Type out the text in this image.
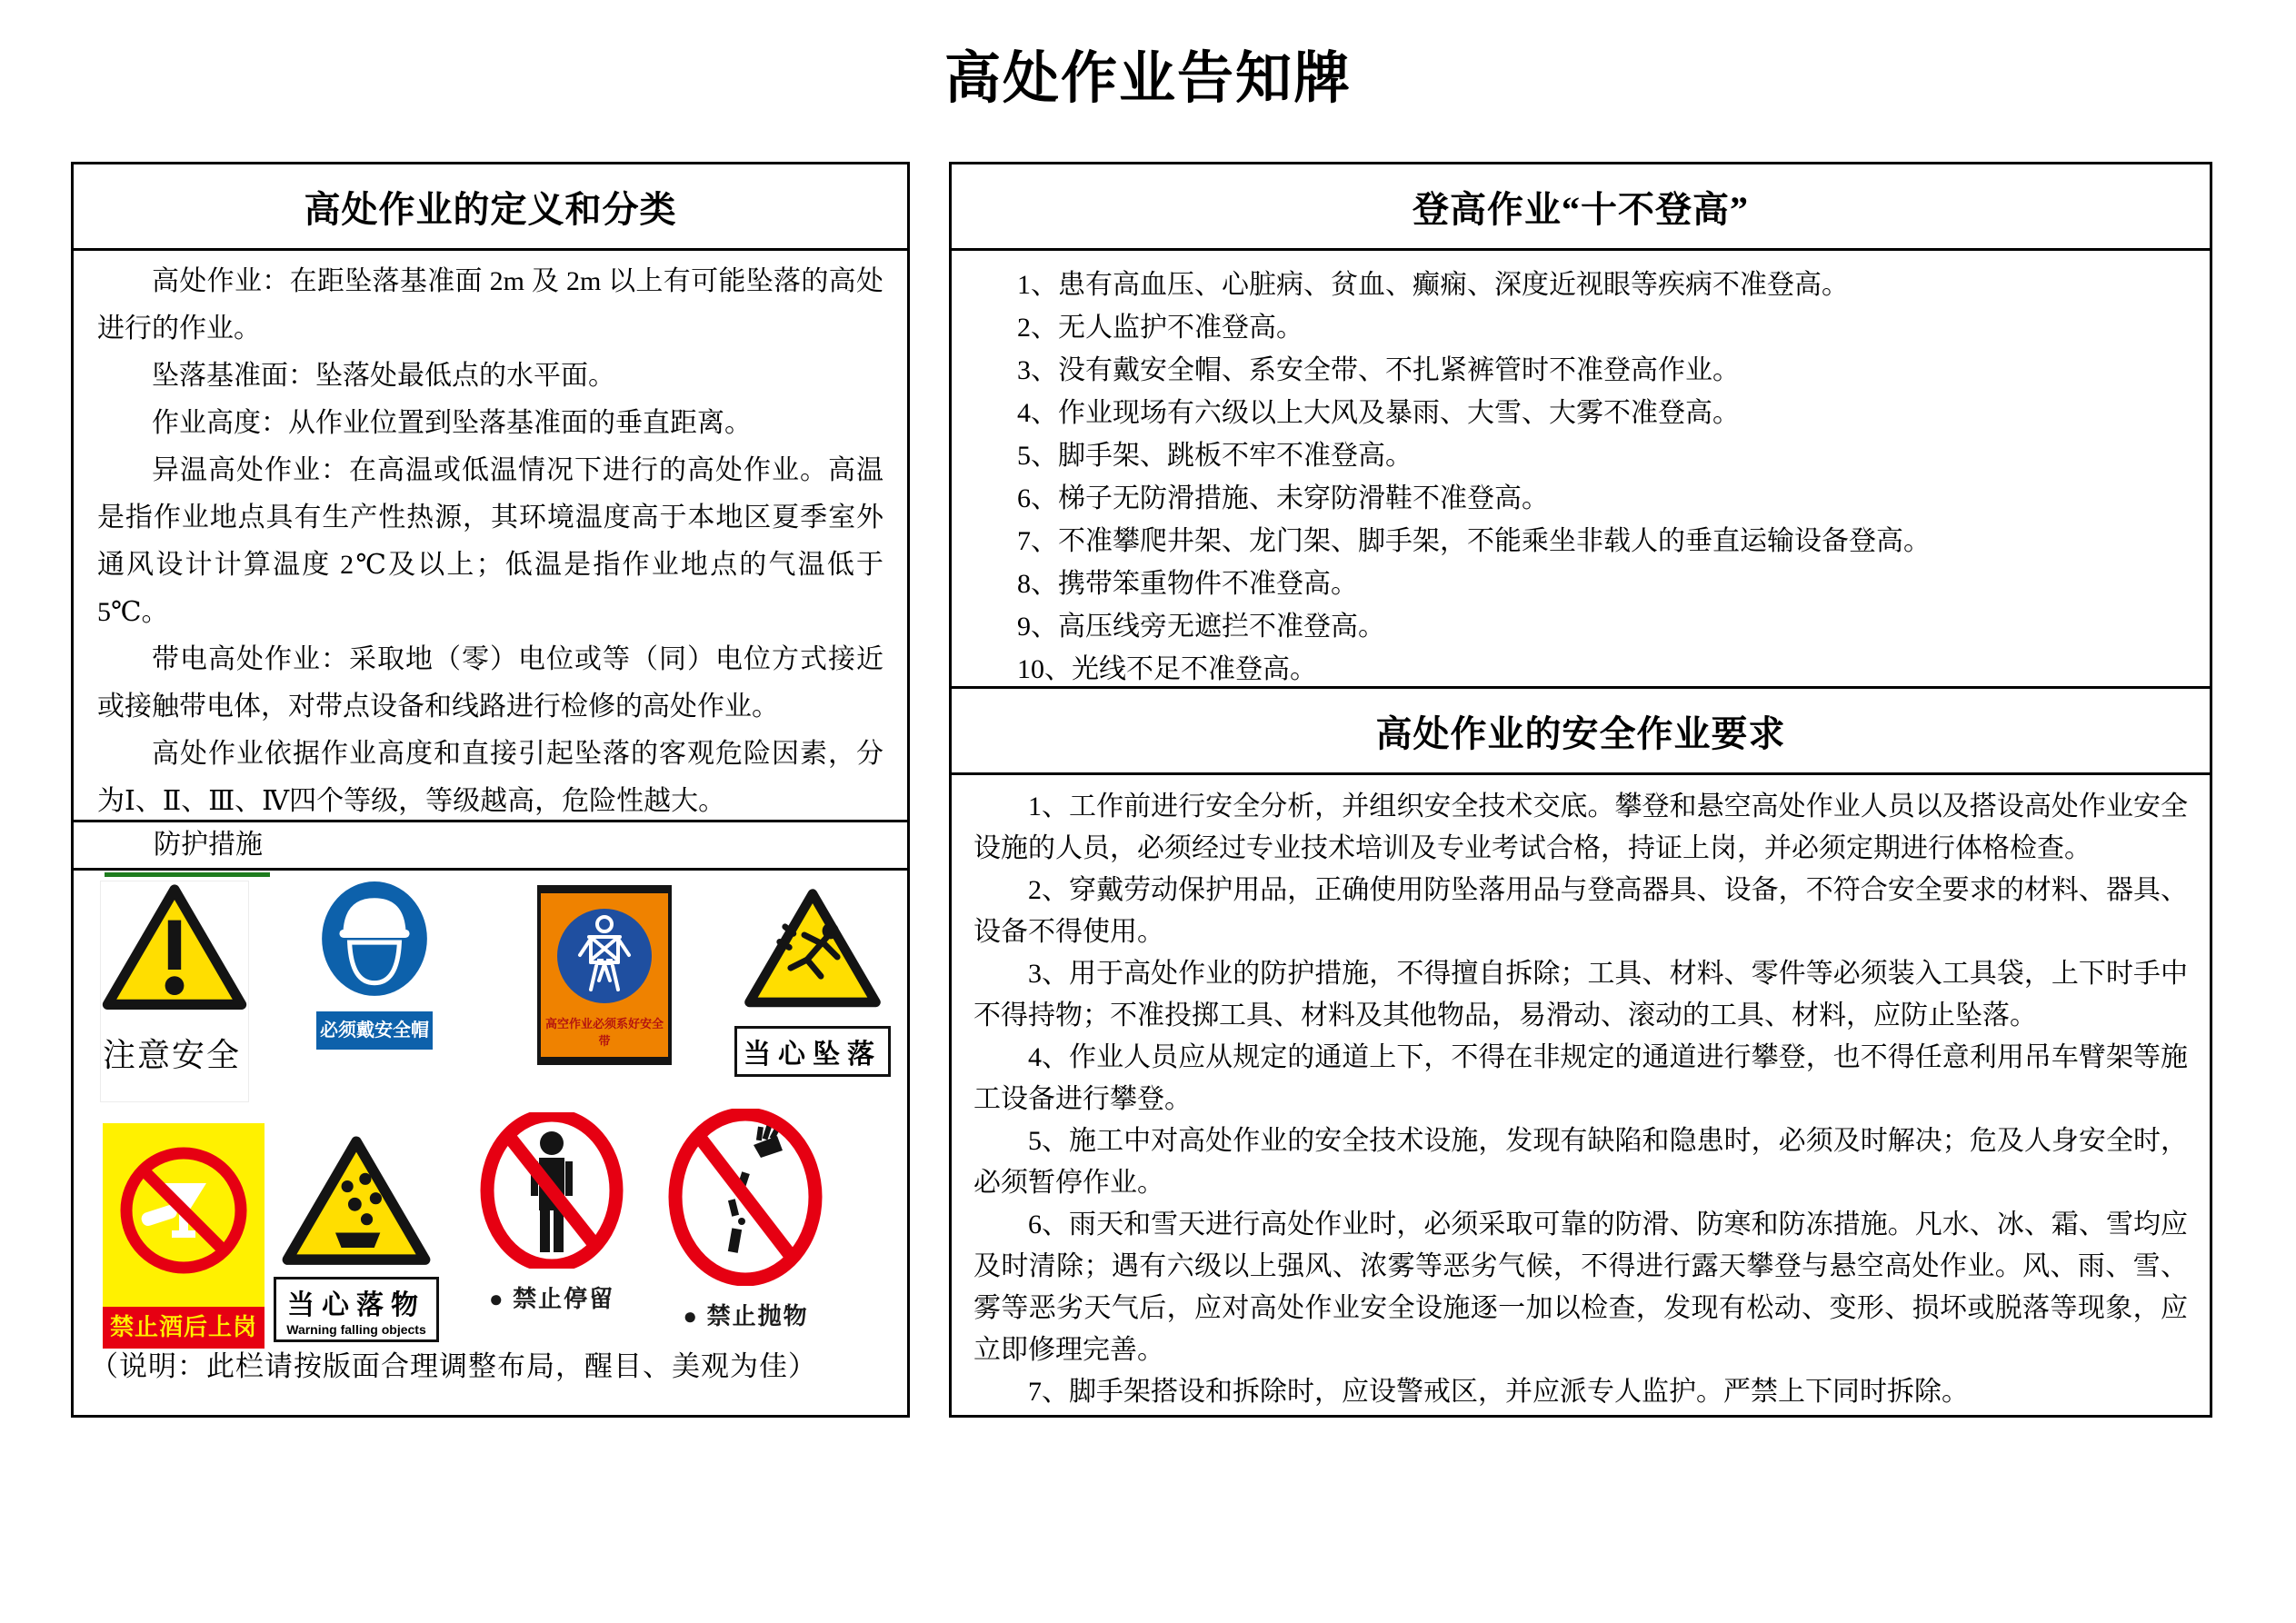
高处作业告知牌
高处作业的定义和分类

高处作业：在距坠落基准面 2m 及 2m 以上有可能坠落的高处进行的作业。

坠落基准面：坠落处最低点的水平面。

作业高度：从作业位置到坠落基准面的垂直距离。

异温高处作业：在高温或低温情况下进行的高处作业。高温是指作业地点具有生产性热源，其环境温度高于本地区夏季室外通风设计计算温度 2℃及以上；低温是指作业地点的气温低于5℃。

带电高处作业：采取地（零）电位或等（同）电位方式接近或接触带电体，对带点设备和线路进行检修的高处作业。

高处作业依据作业高度和直接引起坠落的客观危险因素，分为Ⅰ、Ⅱ、Ⅲ、Ⅳ四个等级，等级越高，危险性越大。

防护措施
注意安全
必须戴安全帽	高空作业必须系好安全带	当心坠落
禁止酒后上岗
当心落物
Warning falling objects
● 禁止停留
● 禁止抛物
（说明：此栏请按版面合理调整布局，醒目、美观为佳）
登高作业“十不登高”
1、患有高血压、心脏病、贫血、癫痫、深度近视眼等疾病不准登高。
2、无人监护不准登高。
3、没有戴安全帽、系安全带、不扎紧裤管时不准登高作业。
4、作业现场有六级以上大风及暴雨、大雪、大雾不准登高。
5、脚手架、跳板不牢不准登高。
6、梯子无防滑措施、未穿防滑鞋不准登高。
7、不准攀爬井架、龙门架、脚手架，不能乘坐非载人的垂直运输设备登高。
8、携带笨重物件不准登高。
9、高压线旁无遮拦不准登高。
10、光线不足不准登高。
高处作业的安全作业要求

1、工作前进行安全分析，并组织安全技术交底。攀登和悬空高处作业人员以及搭设高处作业安全设施的人员，必须经过专业技术培训及专业考试合格，持证上岗，并必须定期进行体格检查。

2、穿戴劳动保护用品，正确使用防坠落用品与登高器具、设备，不符合安全要求的材料、器具、设备不得使用。

3、用于高处作业的防护措施，不得擅自拆除；工具、材料、零件等必须装入工具袋，上下时手中不得持物；不准投掷工具、材料及其他物品，易滑动、滚动的工具、材料，应防止坠落。

4、作业人员应从规定的通道上下，不得在非规定的通道进行攀登，也不得任意利用吊车臂架等施工设备进行攀登。

5、施工中对高处作业的安全技术设施，发现有缺陷和隐患时，必须及时解决；危及人身安全时，必须暂停作业。

6、雨天和雪天进行高处作业时，必须采取可靠的防滑、防寒和防冻措施。凡水、冰、霜、雪均应及时清除；遇有六级以上强风、浓雾等恶劣气候，不得进行露天攀登与悬空高处作业。风、雨、雪、雾等恶劣天气后，应对高处作业安全设施逐一加以检查，发现有松动、变形、损坏或脱落等现象，应立即修理完善。

7、脚手架搭设和拆除时，应设警戒区，并应派专人监护。严禁上下同时拆除。
